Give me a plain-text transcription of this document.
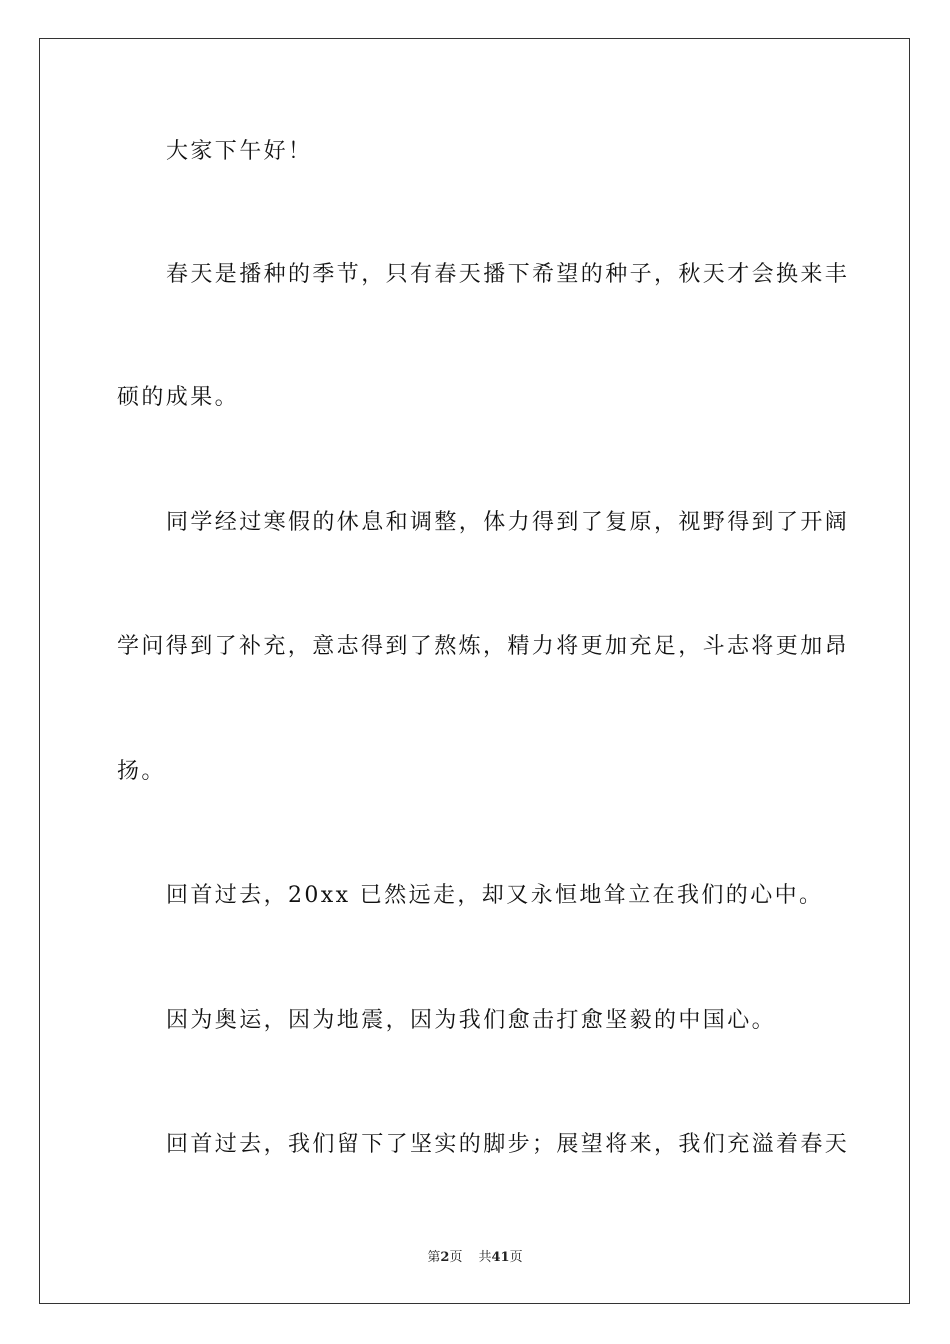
大家下午好！
春天是播种的季节，只有春天播下希望的种子，秋天才会换来丰
硕的成果。
同学经过寒假的休息和调整，体力得到了复原，视野得到了开阔
学问得到了补充，意志得到了熬炼，精力将更加充足，斗志将更加昂
扬。
回首过去，20xx 已然远走，却又永恒地耸立在我们的心中。
因为奥运，因为地震，因为我们愈击打愈坚毅的中国心。
回首过去，我们留下了坚实的脚步；展望将来，我们充溢着春天
第2页 共41页
